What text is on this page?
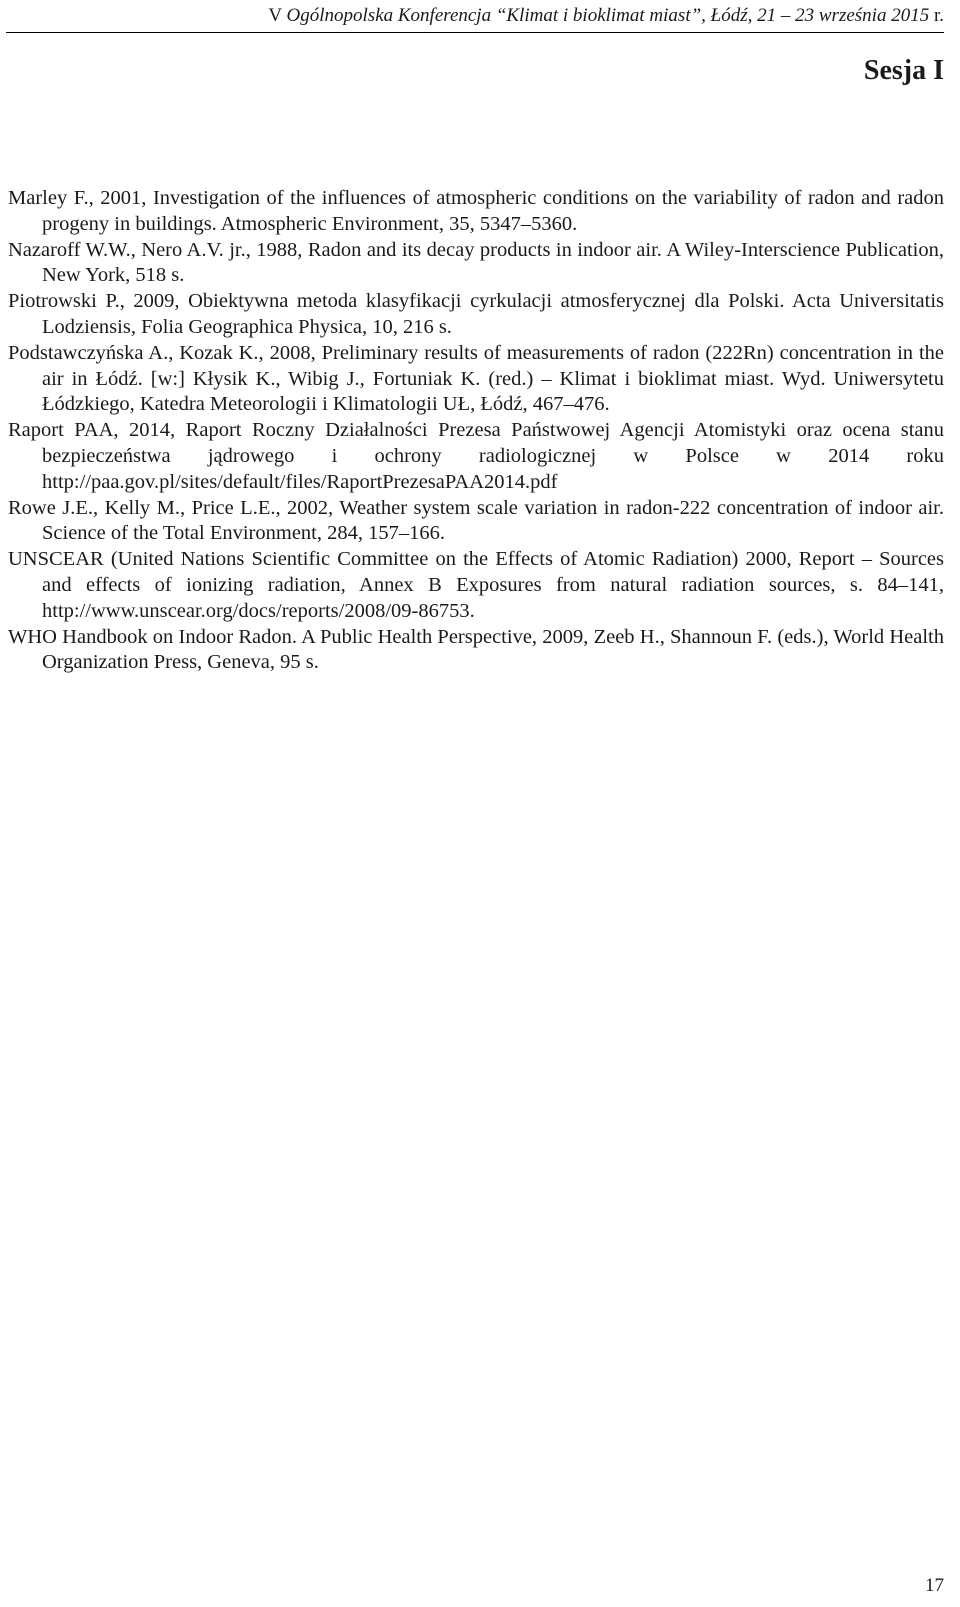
V Ogólnopolska Konferencja “Klimat i bioklimat miast”, Łódź, 21 – 23 września 2015 r.
Sesja I
Marley F., 2001, Investigation of the influences of atmospheric conditions on the variability of radon and radon progeny in buildings. Atmospheric Environment, 35, 5347–5360.
Nazaroff W.W., Nero A.V. jr., 1988, Radon and its decay products in indoor air. A Wiley-Interscience Publication, New York, 518 s.
Piotrowski P., 2009, Obiektywna metoda klasyfikacji cyrkulacji atmosferycznej dla Polski. Acta Universitatis Lodziensis, Folia Geographica Physica, 10, 216 s.
Podstawczyńska A., Kozak K., 2008, Preliminary results of measurements of radon (222Rn) concentration in the air in Łódź. [w:] Kłysik K., Wibig J., Fortuniak K. (red.) – Klimat i bioklimat miast. Wyd. Uniwersytetu Łódzkiego, Katedra Meteorologii i Klimatologii UŁ, Łódź, 467–476.
Raport PAA, 2014, Raport Roczny Działalności Prezesa Państwowej Agencji Atomistyki oraz ocena stanu bezpieczeństwa jądrowego i ochrony radiologicznej w Polsce w 2014 roku http://paa.gov.pl/sites/default/files/RaportPrezesaPAA2014.pdf
Rowe J.E., Kelly M., Price L.E., 2002, Weather system scale variation in radon-222 concentration of indoor air. Science of the Total Environment, 284, 157–166.
UNSCEAR (United Nations Scientific Committee on the Effects of Atomic Radiation) 2000, Report – Sources and effects of ionizing radiation, Annex B Exposures from natural radiation sources, s. 84–141, http://www.unscear.org/docs/reports/2008/09-86753.
WHO Handbook on Indoor Radon. A Public Health Perspective, 2009, Zeeb H., Shannoun F. (eds.), World Health Organization Press, Geneva, 95 s.
17
